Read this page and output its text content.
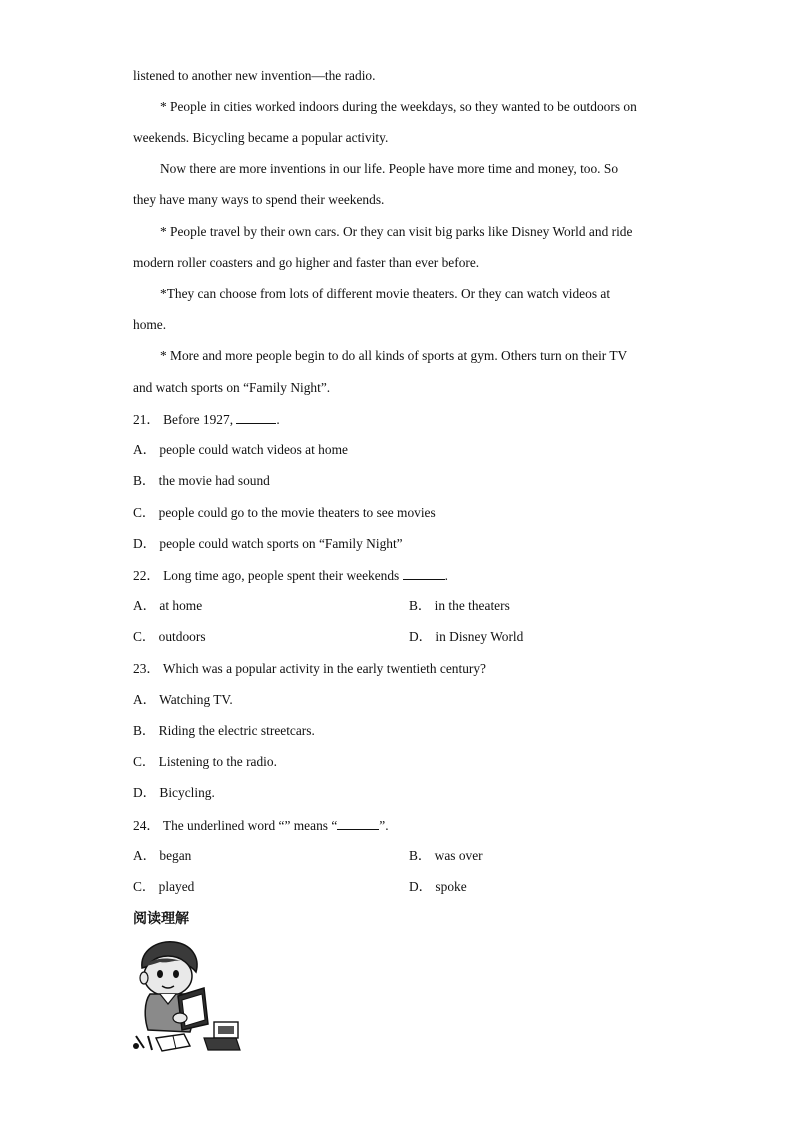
listened to another new invention—the radio.
* People in cities worked indoors during the weekdays, so they wanted to be outdoors on
weekends. Bicycling became a popular activity.
Now there are more inventions in our life. People have more time and money, too. So
they have many ways to spend their weekends.
* People travel by their own cars. Or they can visit big parks like Disney World and ride
modern roller coasters and go higher and faster than ever before.
*They can choose from lots of different movie theaters. Or they can watch videos at
home.
* More and more people begin to do all kinds of sports at gym. Others turn on their TV
and watch sports on “Family Night”.
21． Before 1927,	.
A． people could watch videos at home
B． the movie had sound
C． people could go to the movie theaters to see movies
D． people could watch sports on “Family Night”
22． Long time ago, people spent their weekends	.
A． at home	B． in the theaters
C． outdoors	D． in Disney World
23． Which was a popular activity in the early twentieth century?
A． Watching TV.
B． Riding the electric streetcars.
C． Listening to the radio.
D． Bicycling.
24． The underlined word “” means “	”.
A． began	B． was over
C． played	D． spoke
阅读理解
